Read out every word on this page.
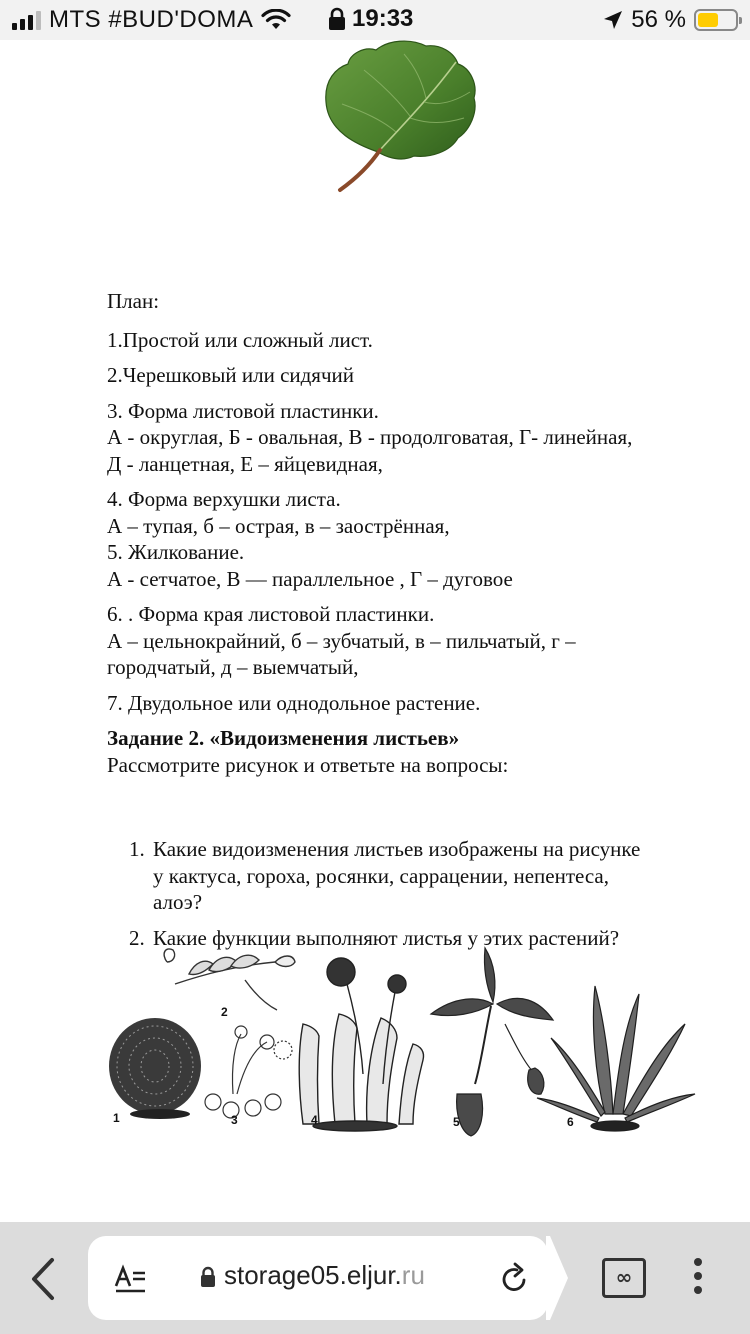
MTS #BUD'DOMA	19:33	56 %

План:

1.Простой или сложный лист.

2.Черешковый или сидячий

3. Форма листовой пластинки.

А - округлая, Б - овальная, В - продолговатая, Г- линейная,

Д - ланцетная, Е – яйцевидная,

4. Форма верхушки листа.

А – тупая, б – острая, в – заострённая,

5. Жилкование.

А - сетчатое, В — параллельное , Г – дуговое

6. . Форма края листовой пластинки.

А – цельнокрайний, б – зубчатый, в – пильчатый, г –

городчатый, д – выемчатый,

7. Двудольное или однодольное растение.

Задание 2. «Видоизменения листьев»

Рассмотрите рисунок и ответьте на вопросы:

1. Какие видоизменения листьев изображены на рисунке

у кактуса, гороха, росянки, саррацении, непентеса,

алоэ?

2. Какие функции выполняют листья у этих растений?

1
2
3	4	5	6
storage05.eljur.ru	∞
